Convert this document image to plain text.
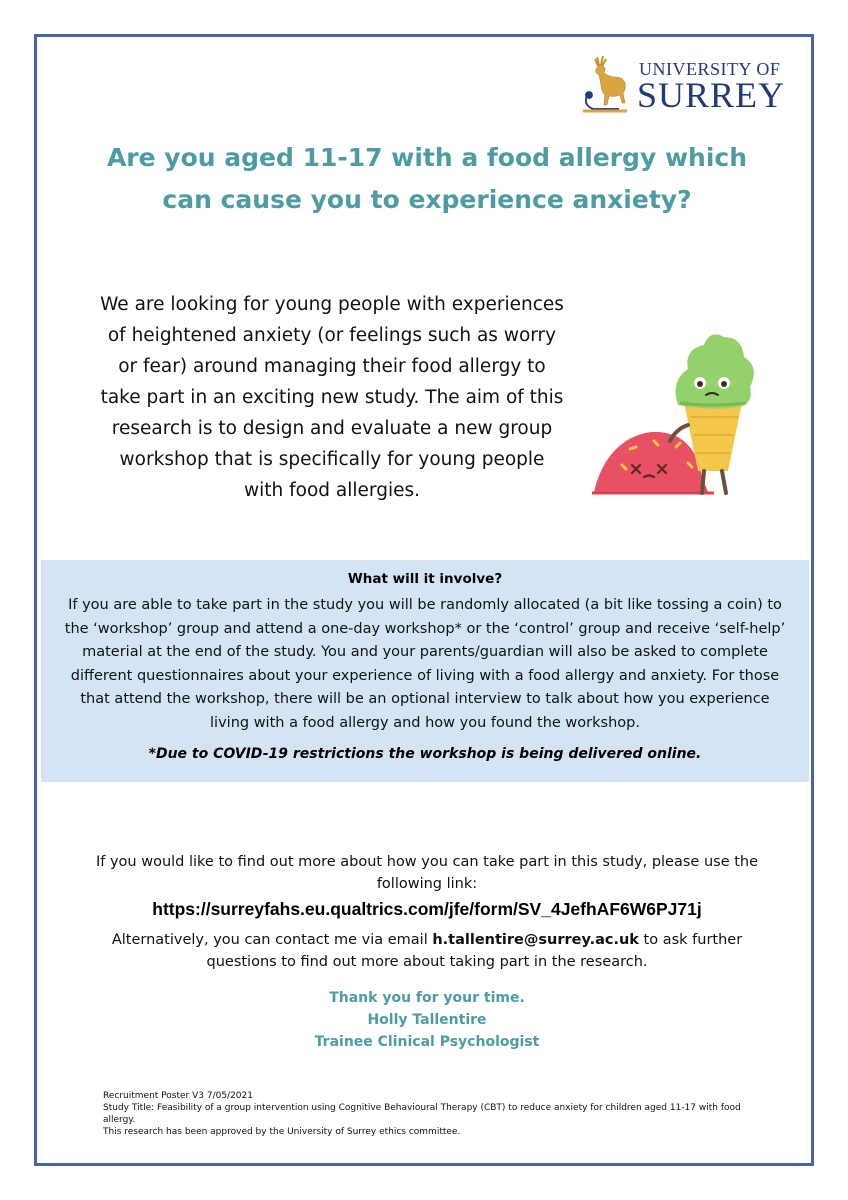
UNIVERSITY OF
SURREY
Are you aged 11-17 with a food allergy which
can cause you to experience anxiety?
We are looking for young people with experiences of heightened anxiety (or feelings such as worry or fear) around managing their food allergy to take part in an exciting new study. The aim of this research is to design and evaluate a new group workshop that is specifically for young people with food allergies.
What will it involve?
If you are able to take part in the study you will be randomly allocated (a bit like tossing a coin) to the ‘workshop’ group and attend a one-day workshop* or the ‘control’ group and receive ‘self-help’ material at the end of the study. You and your parents/guardian will also be asked to complete different questionnaires about your experience of living with a food allergy and anxiety. For those that attend the workshop, there will be an optional interview to talk about how you experience living with a food allergy and how you found the workshop.
*Due to COVID-19 restrictions the workshop is being delivered online.
If you would like to find out more about how you can take part in this study, please use the following link:
https://surreyfahs.eu.qualtrics.com/jfe/form/SV_4JefhAF6W6PJ71j
Alternatively, you can contact me via email h.tallentire@surrey.ac.uk to ask further questions to find out more about taking part in the research.
Thank you for your time.
Holly Tallentire
Trainee Clinical Psychologist
Recruitment Poster V3 7/05/2021
Study Title: Feasibility of a group intervention using Cognitive Behavioural Therapy (CBT) to reduce anxiety for children aged 11-17 with food allergy.
This research has been approved by the University of Surrey ethics committee.
